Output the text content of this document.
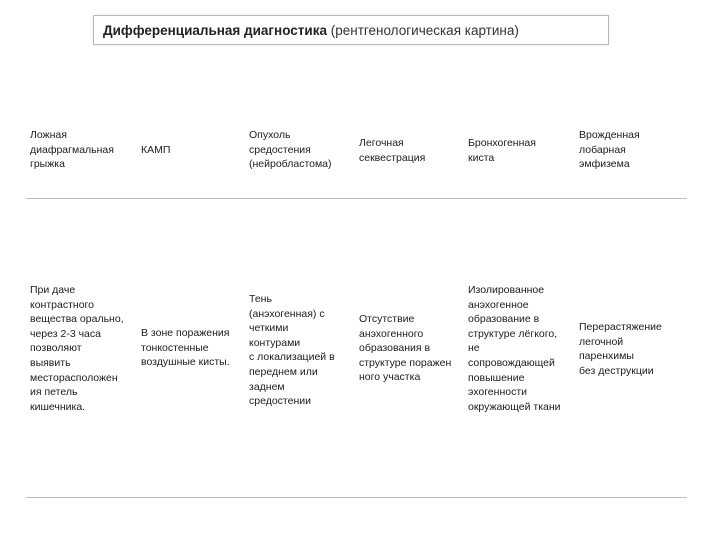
Дифференциальная диагностика
(рентгенологическая картина)
Ложная
диафрагмальная
грыжка
КАМП
Опухоль
средостения
(нейробластома)
Легочная
секвестрация
Бронхогенная
киста
Врожденная
лобарная
эмфизема
При даче
контрастного
вещества орально,
через 2-3 часа
позволяют
выявить
месторасположен
ия петель
кишечника.
В зоне поражения
тонкостенные
воздушные кисты.
Тень
(анэхогенная) с
четкими
контурами
с локализацией в
переднем или
заднем
средостении
Отсутствие
анэхогенного
образования в
структуре поражен
ного участка
Изолированное
анэхогенное
образование в
структуре лёгкого,
не
сопровождающей
повышение
эхогенности
окружающей ткани
Перерастяжение
легочной
паренхимы
без деструкции
